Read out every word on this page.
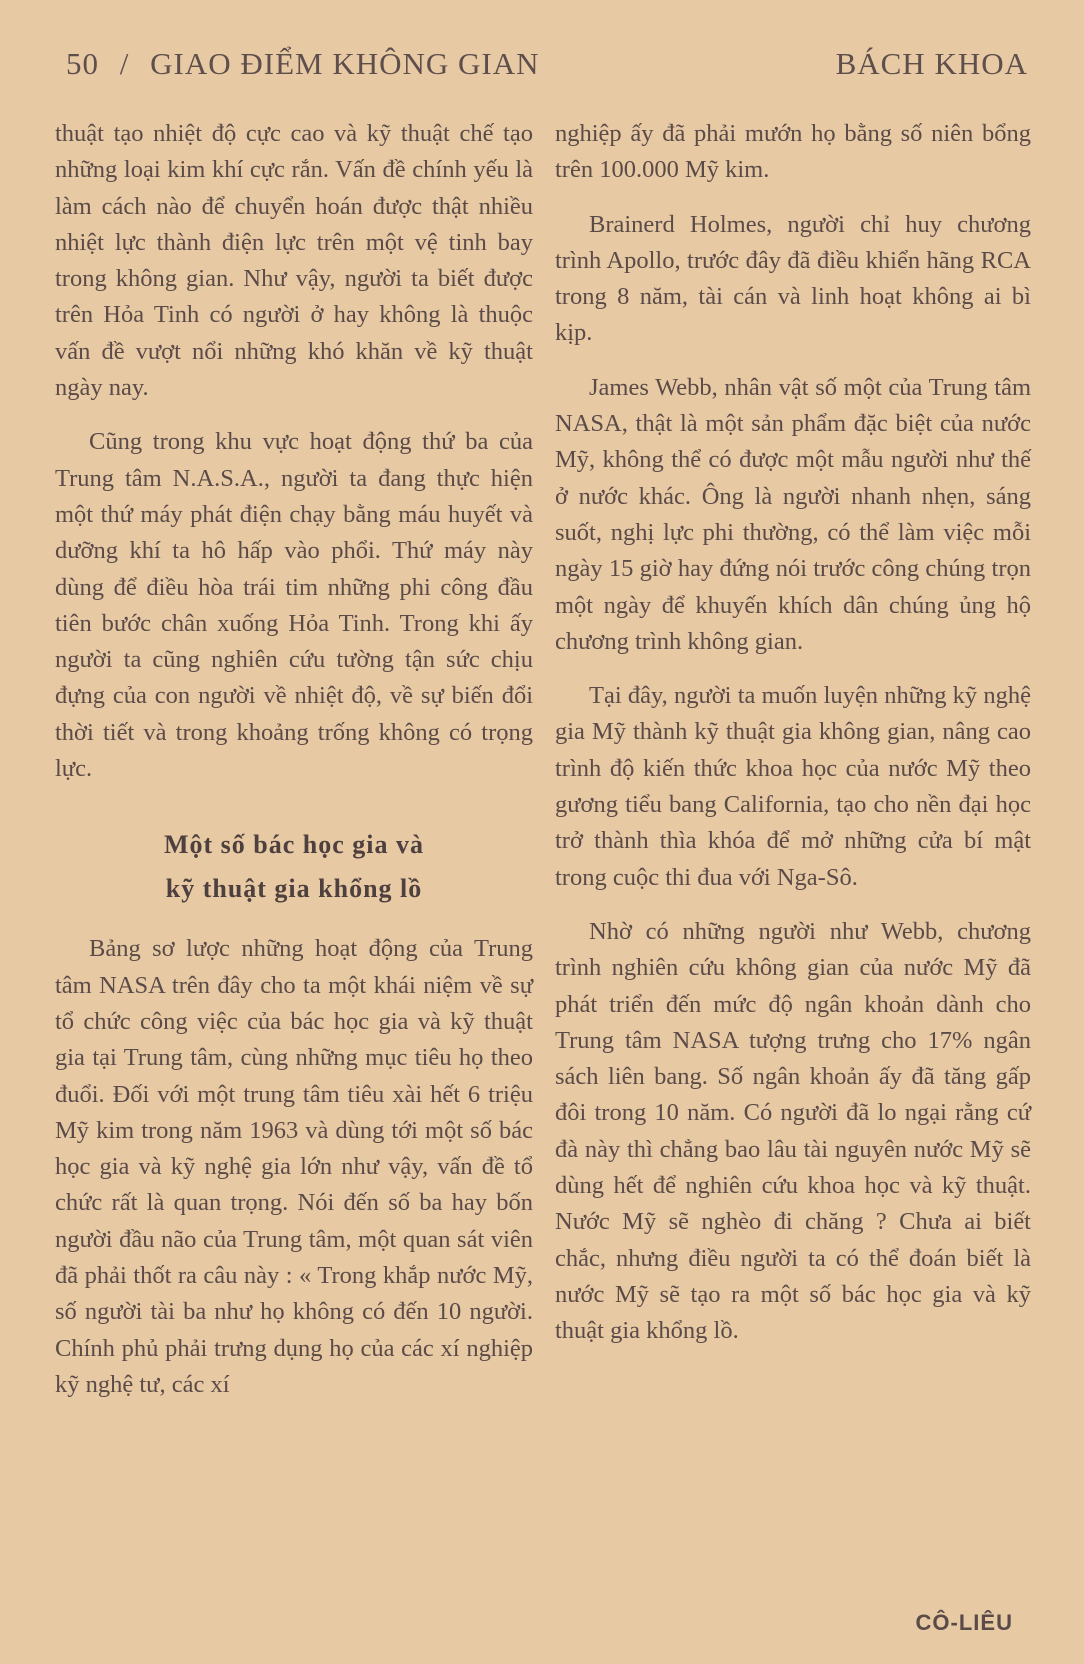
50 / GIAO ĐIỂM KHÔNG GIAN	BÁCH KHOA

thuật tạo nhiệt độ cực cao và kỹ thuật chế tạo những loại kim khí cực rắn. Vấn đề chính yếu là làm cách nào để chuyển hoán được thật nhiều nhiệt lực thành điện lực trên một vệ tinh bay trong không gian. Như vậy, người ta biết được trên Hỏa Tinh có người ở hay không là thuộc vấn đề vượt nổi những khó khăn về kỹ thuật ngày nay.

Cũng trong khu vực hoạt động thứ ba của Trung tâm N.A.S.A., người ta đang thực hiện một thứ máy phát điện chạy bằng máu huyết và dưỡng khí ta hô hấp vào phổi. Thứ máy này dùng để điều hòa trái tim những phi công đầu tiên bước chân xuống Hỏa Tinh. Trong khi ấy người ta cũng nghiên cứu tường tận sức chịu đựng của con người về nhiệt độ, về sự biến đổi thời tiết và trong khoảng trống không có trọng lực.

Một số bác học gia và
kỹ thuật gia khổng lồ

Bảng sơ lược những hoạt động của Trung tâm NASA trên đây cho ta một khái niệm về sự tổ chức công việc của bác học gia và kỹ thuật gia tại Trung tâm, cùng những mục tiêu họ theo đuổi. Đối với một trung tâm tiêu xài hết 6 triệu Mỹ kim trong năm 1963 và dùng tới một số bác học gia và kỹ nghệ gia lớn như vậy, vấn đề tổ chức rất là quan trọng. Nói đến số ba hay bốn người đầu não của Trung tâm, một quan sát viên đã phải thốt ra câu này : « Trong khắp nước Mỹ, số người tài ba như họ không có đến 10 người. Chính phủ phải trưng dụng họ của các xí nghiệp kỹ nghệ tư, các xí

nghiệp ấy đã phải mướn họ bằng số niên bổng trên 100.000 Mỹ kim.

Brainerd Holmes, người chỉ huy chương trình Apollo, trước đây đã điều khiển hãng RCA trong 8 năm, tài cán và linh hoạt không ai bì kịp.

James Webb, nhân vật số một của Trung tâm NASA, thật là một sản phẩm đặc biệt của nước Mỹ, không thể có được một mẫu người như thế ở nước khác. Ông là người nhanh nhẹn, sáng suốt, nghị lực phi thường, có thể làm việc mỗi ngày 15 giờ hay đứng nói trước công chúng trọn một ngày để khuyến khích dân chúng ủng hộ chương trình không gian.

Tại đây, người ta muốn luyện những kỹ nghệ gia Mỹ thành kỹ thuật gia không gian, nâng cao trình độ kiến thức khoa học của nước Mỹ theo gương tiểu bang California, tạo cho nền đại học trở thành thìa khóa để mở những cửa bí mật trong cuộc thi đua với Nga-Sô.

Nhờ có những người như Webb, chương trình nghiên cứu không gian của nước Mỹ đã phát triển đến mức độ ngân khoản dành cho Trung tâm NASA tượng trưng cho 17% ngân sách liên bang. Số ngân khoản ấy đã tăng gấp đôi trong 10 năm. Có người đã lo ngại rằng cứ đà này thì chẳng bao lâu tài nguyên nước Mỹ sẽ dùng hết để nghiên cứu khoa học và kỹ thuật. Nước Mỹ sẽ nghèo đi chăng ? Chưa ai biết chắc, nhưng điều người ta có thể đoán biết là nước Mỹ sẽ tạo ra một số bác học gia và kỹ thuật gia khổng lồ.

CÔ-LIÊU
